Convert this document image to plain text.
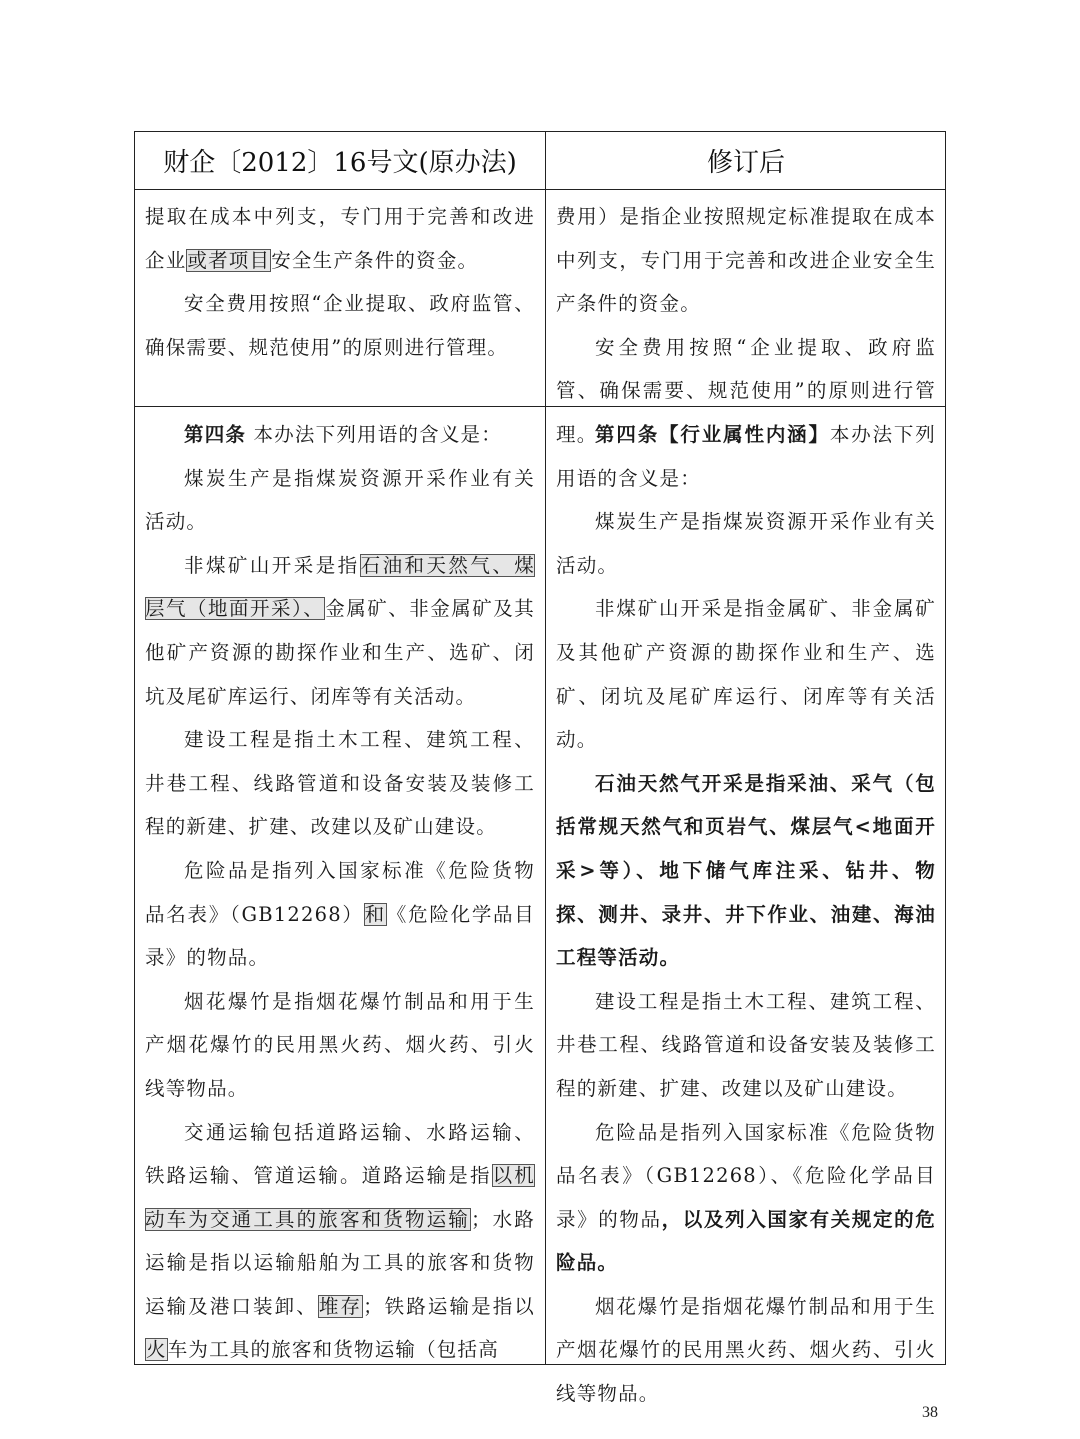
财企〔2012〕16号文(原办法)	修订后

提取在成本中列支，专门用于完善和改进企业或者项目安全生产条件的资金。

安全费用按照“企业提取、政府监管、确保需要、规范使用”的原则进行管理。

费用）是指企业按照规定标准提取在成本中列支，专门用于完善和改进企业安全生产条件的资金。

安全费用按照“企业提取、政府监管、确保需要、规范使用”的原则进行管理。

第四条 本办法下列用语的含义是：

煤炭生产是指煤炭资源开采作业有关活动。

非煤矿山开采是指石油和天然气、煤层气（地面开采）、金属矿、非金属矿及其他矿产资源的勘探作业和生产、选矿、闭坑及尾矿库运行、闭库等有关活动。

建设工程是指土木工程、建筑工程、井巷工程、线路管道和设备安装及装修工程的新建、扩建、改建以及矿山建设。

危险品是指列入国家标准《危险货物品名表》（GB12268）和《危险化学品目录》的物品。

烟花爆竹是指烟花爆竹制品和用于生产烟花爆竹的民用黑火药、烟火药、引火线等物品。

交通运输包括道路运输、水路运输、铁路运输、管道运输。道路运输是指以机动车为交通工具的旅客和货物运输；水路运输是指以运输船舶为工具的旅客和货物运输及港口装卸、堆存；铁路运输是指以火车为工具的旅客和货物运输（包括高

第四条【行业属性内涵】本办法下列用语的含义是：

煤炭生产是指煤炭资源开采作业有关活动。

非煤矿山开采是指金属矿、非金属矿及其他矿产资源的勘探作业和生产、选矿、闭坑及尾矿库运行、闭库等有关活动。

石油天然气开采是指采油、采气（包括常规天然气和页岩气、煤层气<地面开采>等）、地下储气库注采、钻井、物探、测井、录井、井下作业、油建、海油工程等活动。

建设工程是指土木工程、建筑工程、井巷工程、线路管道和设备安装及装修工程的新建、扩建、改建以及矿山建设。

危险品是指列入国家标准《危险货物品名表》（GB12268）、《危险化学品目录》的物品，以及列入国家有关规定的危险品。

烟花爆竹是指烟花爆竹制品和用于生产烟花爆竹的民用黑火药、烟火药、引火线等物品。

38
